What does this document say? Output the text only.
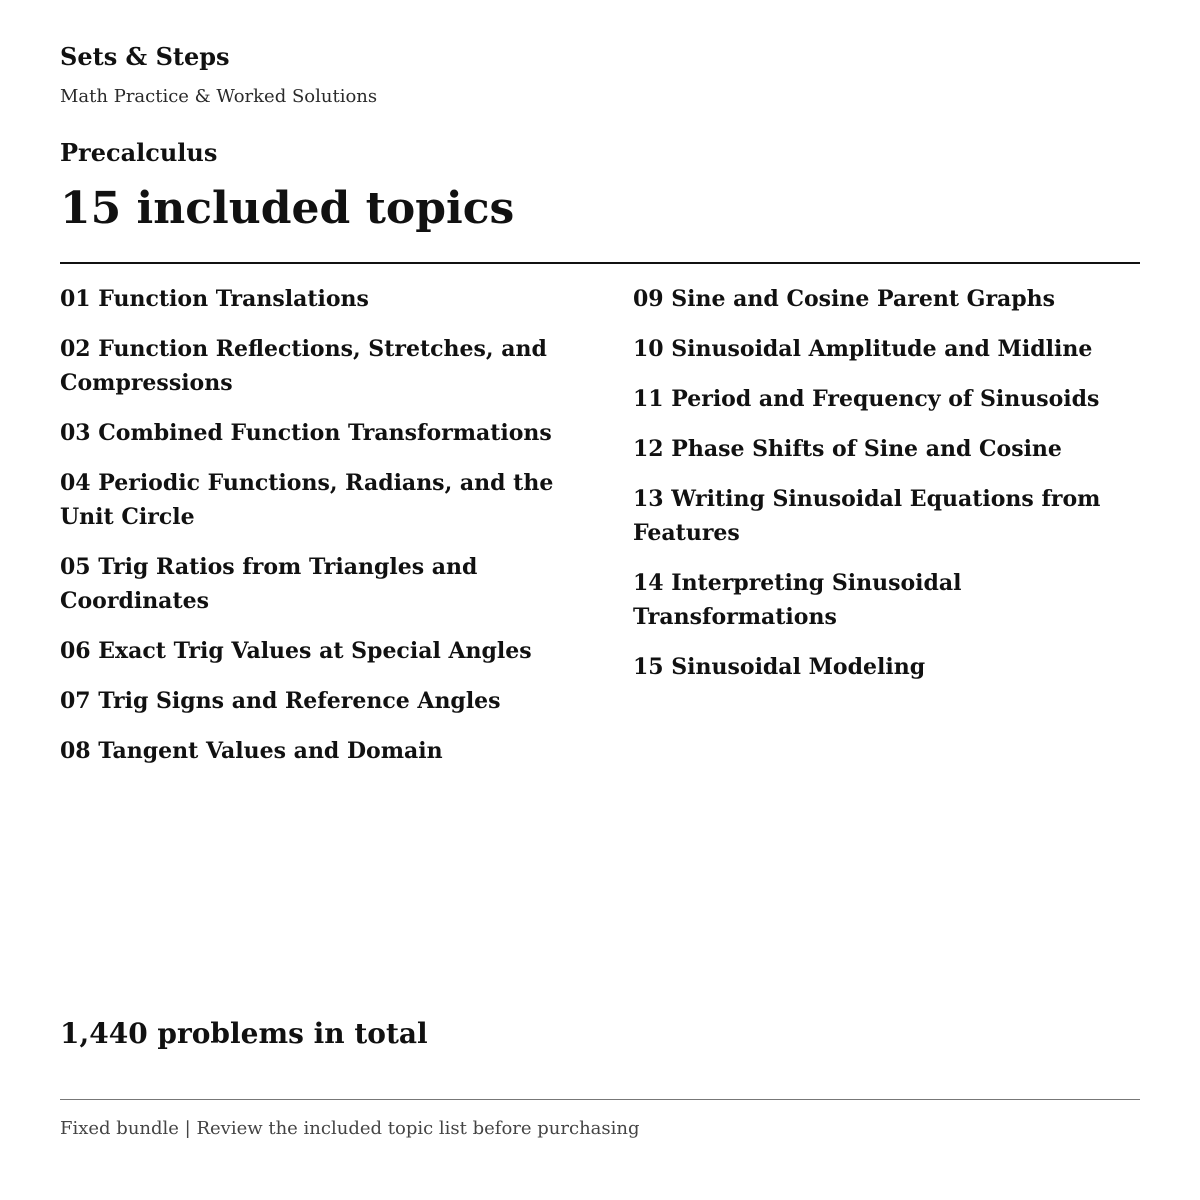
Sets & Steps
Math Practice & Worked Solutions
Precalculus
15 included topics
01 Function Translations
02 Function Reflections, Stretches, and Compressions
03 Combined Function Transformations
04 Periodic Functions, Radians, and the Unit Circle
05 Trig Ratios from Triangles and Coordinates
06 Exact Trig Values at Special Angles
07 Trig Signs and Reference Angles
08 Tangent Values and Domain
09 Sine and Cosine Parent Graphs
10 Sinusoidal Amplitude and Midline
11 Period and Frequency of Sinusoids
12 Phase Shifts of Sine and Cosine
13 Writing Sinusoidal Equations from Features
14 Interpreting Sinusoidal Transformations
15 Sinusoidal Modeling
1,440 problems in total
Fixed bundle | Review the included topic list before purchasing
